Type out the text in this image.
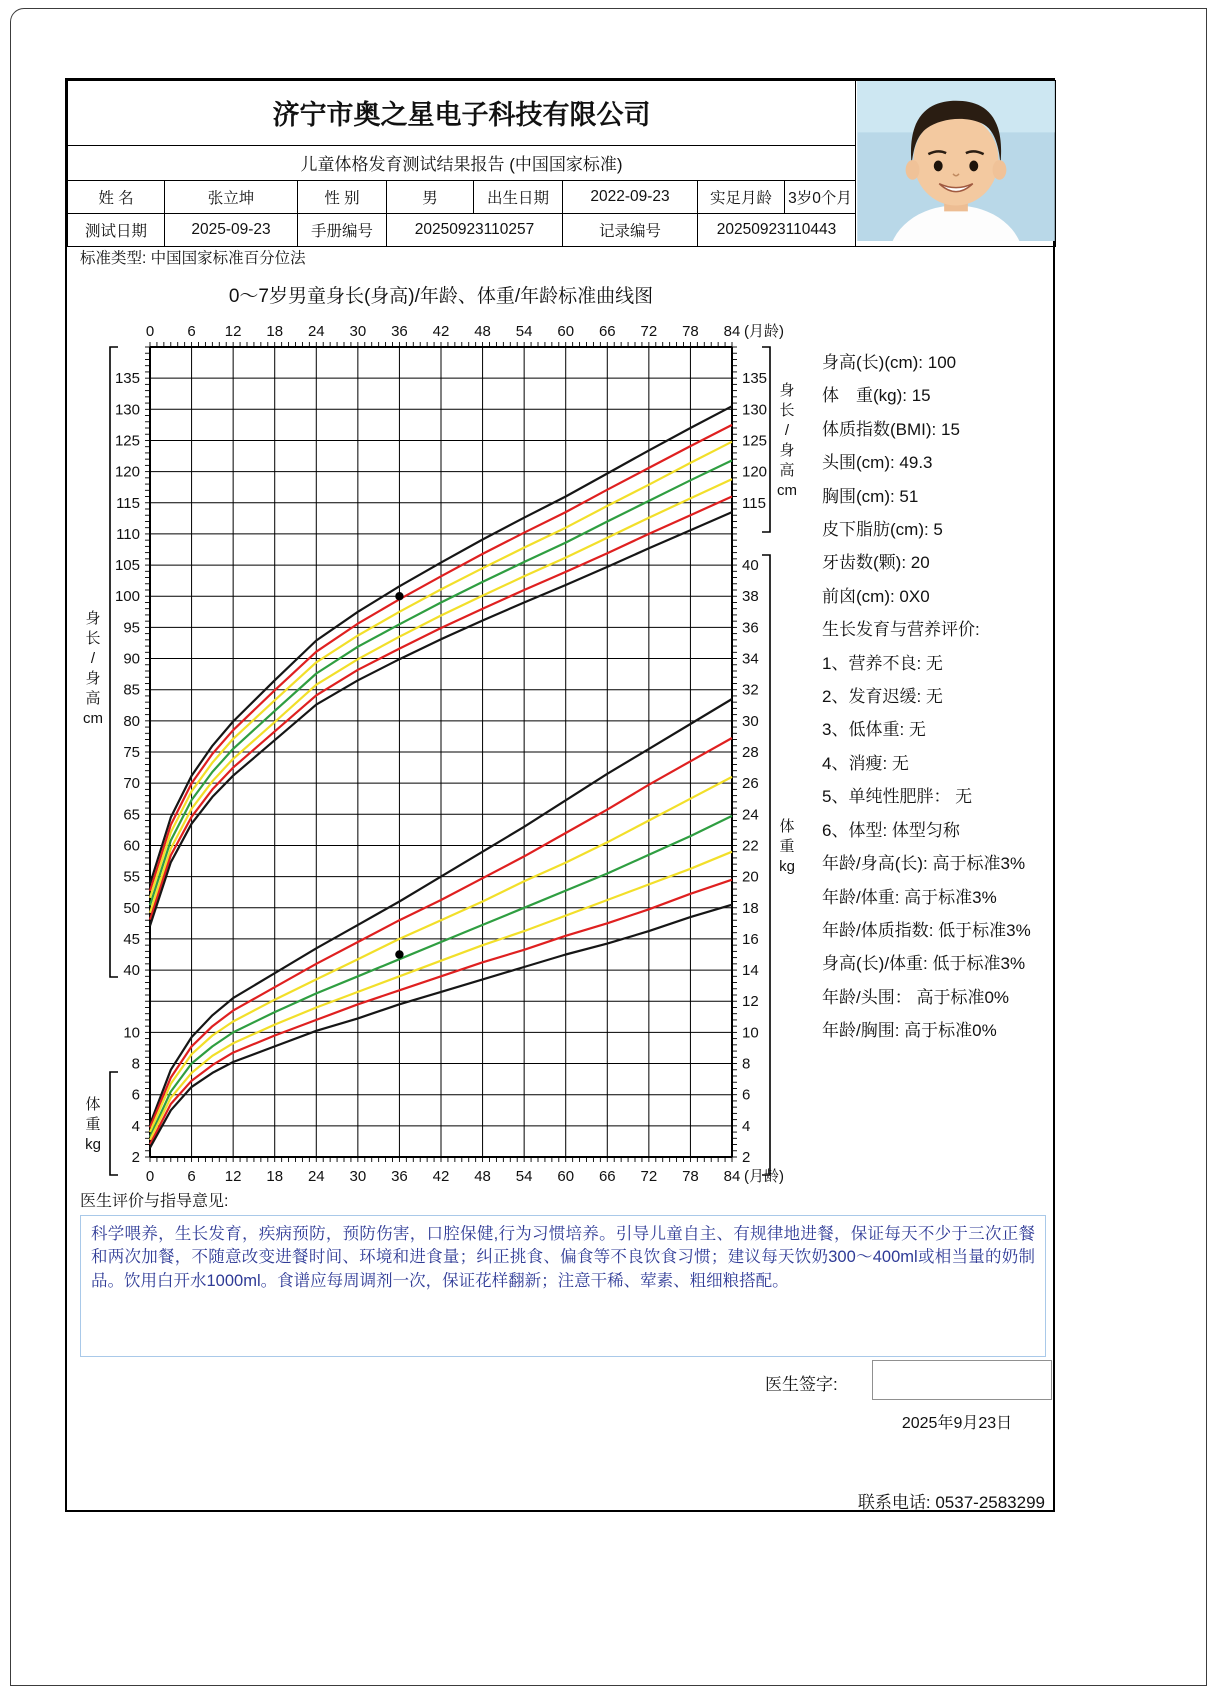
济宁市奥之星电子科技有限公司	

儿童体格发育测试结果报告 (中国国家标准)								
姓 名	张立坤	性 别	男	出生日期	2022-09-23	实足月龄	3岁0个月	
测试日期	2025-09-23	手册编号	20250923110257		记录编号	20250923110443		
标准类型: 中国国家标准百分位法
0～7岁男童身长(身高)/年龄、体重/年龄标准曲线图
0
0
6
6
12
12
18
18
24
24
30
30
36
36
42
42
48
48
54
54
60
60
66
66
72
72
78
78
84
84
(月龄)
(月龄)
135
130
125
120
115
110
105
100
95
90
85
80
75
70
65
60
55
50
45
40
10
8
6
4
2
135
130
125
120
115
40
38
36
34
32
30
28
26
24
22
20
18
16
14
12
10
8
6
4
2
身
长
/
身
高
cm
体
重
kg
身
长
/
身
高
cm
体
重
kg
身高(长)(cm): 100
体　重(kg): 15
体质指数(BMI): 15
头围(cm): 49.3
胸围(cm): 51
皮下脂肪(cm): 5
牙齿数(颗): 20
前囟(cm): 0X0
生长发育与营养评价:
1、营养不良: 无
2、发育迟缓: 无
3、低体重: 无
4、消瘦: 无
5、单纯性肥胖： 无
6、体型: 体型匀称
年龄/身高(长): 高于标准3%
年龄/体重: 高于标准3%
年龄/体质指数: 低于标准3%
身高(长)/体重: 低于标准3%
年龄/头围： 高于标准0%
年龄/胸围: 高于标准0%
医生评价与指导意见:
科学喂养，生长发育，疾病预防，预防伤害，口腔保健,行为习惯培养。引导儿童自主、有规律地进餐，保证每天不少于三次正餐和两次加餐，不随意改变进餐时间、环境和进食量；纠正挑食、偏食等不良饮食习惯；建议每天饮奶300～400ml或相当量的奶制品。饮用白开水1000ml。食谱应每周调剂一次，保证花样翻新；注意干稀、荤素、粗细粮搭配。
医生签字:
2025年9月23日
联系电话: 0537-2583299
